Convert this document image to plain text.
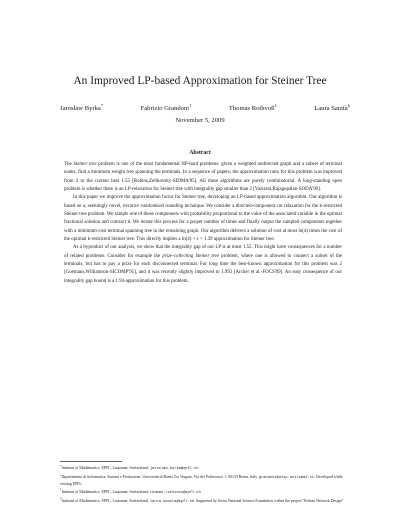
An Improved LP-based Approximation for Steiner Tree
Jarosław Byrka*	Fabrizio Grandoni†	Thomas Rothvoß‡	Laura Sanità§
November 5, 2009
Abstract

The Steiner tree problem is one of the most fundamental NP-hard problems: given a weighted undirected graph and a subset of terminal nodes, find a minimum weight tree spanning the terminals. In a sequence of papers, the approximation ratio for this problem was improved from 2 to the current best 1.55 [Robins,Zelikovsky-SIDMA'05]. All these algorithms are purely combinatorial. A long-standing open problem is whether there is an LP-relaxation for Steiner tree with integrality gap smaller than 2 [Vazirani,Rajagopalan-SODA'99].

In this paper we improve the approximation factor for Steiner tree, developing an LP-based approximation algorithm. Our algorithm is based on a, seemingly novel, iterative randomized rounding technique. We consider a directed-component cut relaxation for the k-restricted Steiner tree problem. We sample one of these components with probability proportional to the value of the associated variable in the optimal fractional solution and contract it. We iterate this process for a proper number of times and finally output the sampled components together with a minimum-cost terminal spanning tree in the remaining graph. Our algorithm delivers a solution of cost at most ln(4) times the cost of the optimal k-restricted Steiner tree. This directly implies a ln(4) + ε < 1.39 approximation for Steiner tree.

As a byproduct of our analysis, we show that the integrality gap of our LP is at most 1.55. This might have consequences for a number of related problems. Consider for example the prize-collecting Steiner tree problem, where one is allowed to connect a subset of the terminals, but has to pay a prize for each disconnected terminal. For long time the best-known approximation for this problem was 2 [Goemans,Williamson-SICOMP'95], and it was recently slightly improved to 1.992 [Archer et al.-FOCS'09]. An easy consequence of our integrality gap bound is a 1.94-approximation for this problem.

*Institute of Mathematics, EPFL, Lausanne, Switzerland, jaroslaw.byrka@epfl.ch

†Dipartimento di Informatica, Sistemi e Produzione, Università di Roma Tor Vergata, Via del Politecnico 1, 00133 Roma, Italy, grandoni@disp.uniroma2.it. Developed while visiting EPFL.

‡Institute of Mathematics, EPFL, Lausanne, Switzerland, thomas.rothvoss@epfl.ch

§Institute of Mathematics, EPFL, Lausanne, Switzerland, laura.sanita@epfl.ch. Supported by Swiss National Science Foundation within the project "Robust Network Design"
